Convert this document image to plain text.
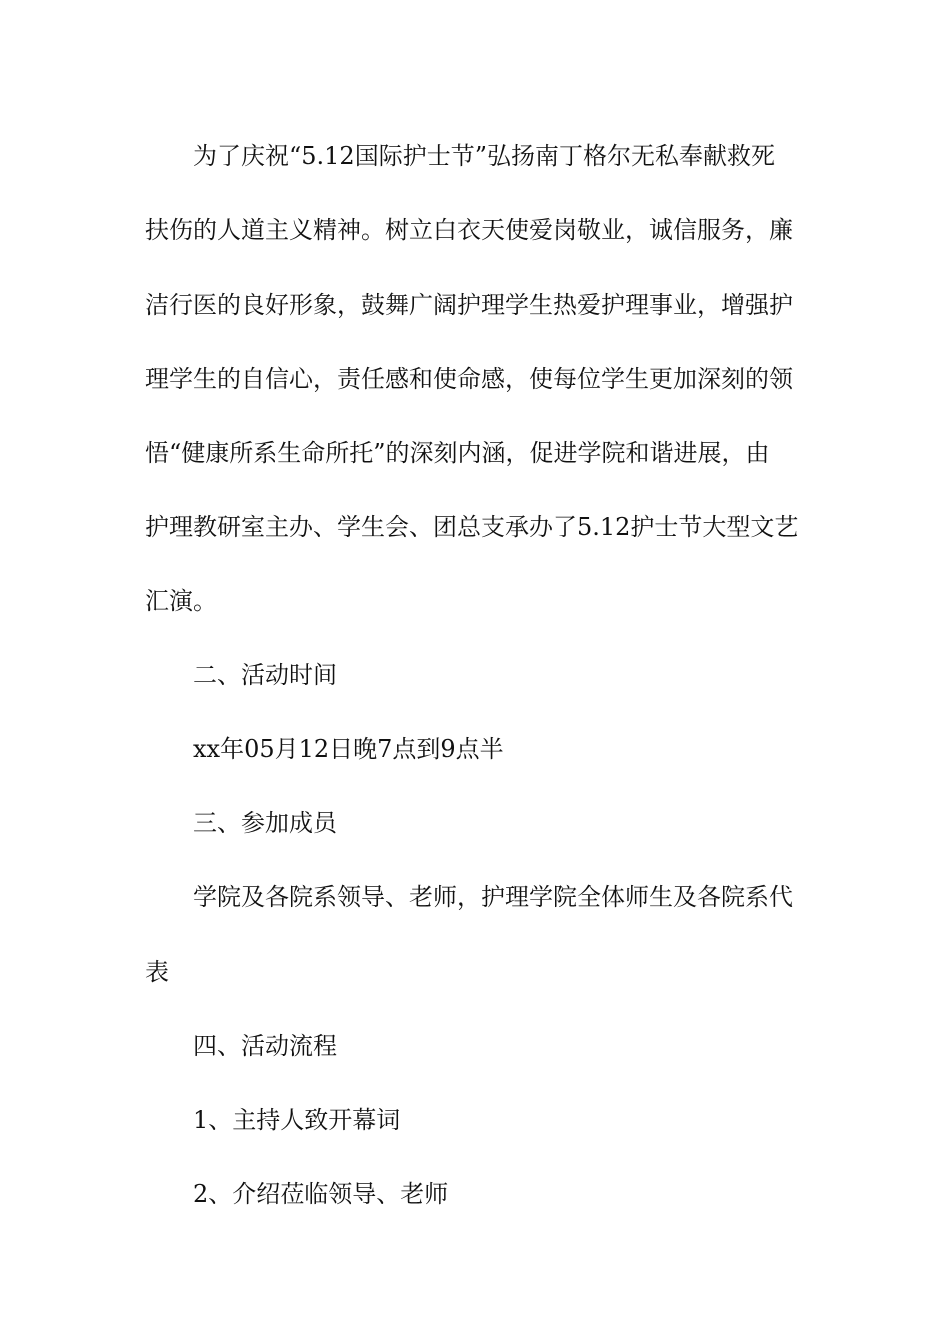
为了庆祝“5.12国际护士节”弘扬南丁格尔无私奉献救死
扶伤的人道主义精神。树立白衣天使爱岗敬业，诚信服务，廉
洁行医的良好形象，鼓舞广阔护理学生热爱护理事业，增强护
理学生的自信心，责任感和使命感，使每位学生更加深刻的领
悟“健康所系生命所托”的深刻内涵，促进学院和谐进展，由
护理教研室主办、学生会、团总支承办了5.12护士节大型文艺
汇演。
二、活动时间
xx年05月12日晚7点到9点半
三、参加成员
学院及各院系领导、老师，护理学院全体师生及各院系代
表
四、活动流程
1、主持人致开幕词
2、介绍莅临领导、老师
